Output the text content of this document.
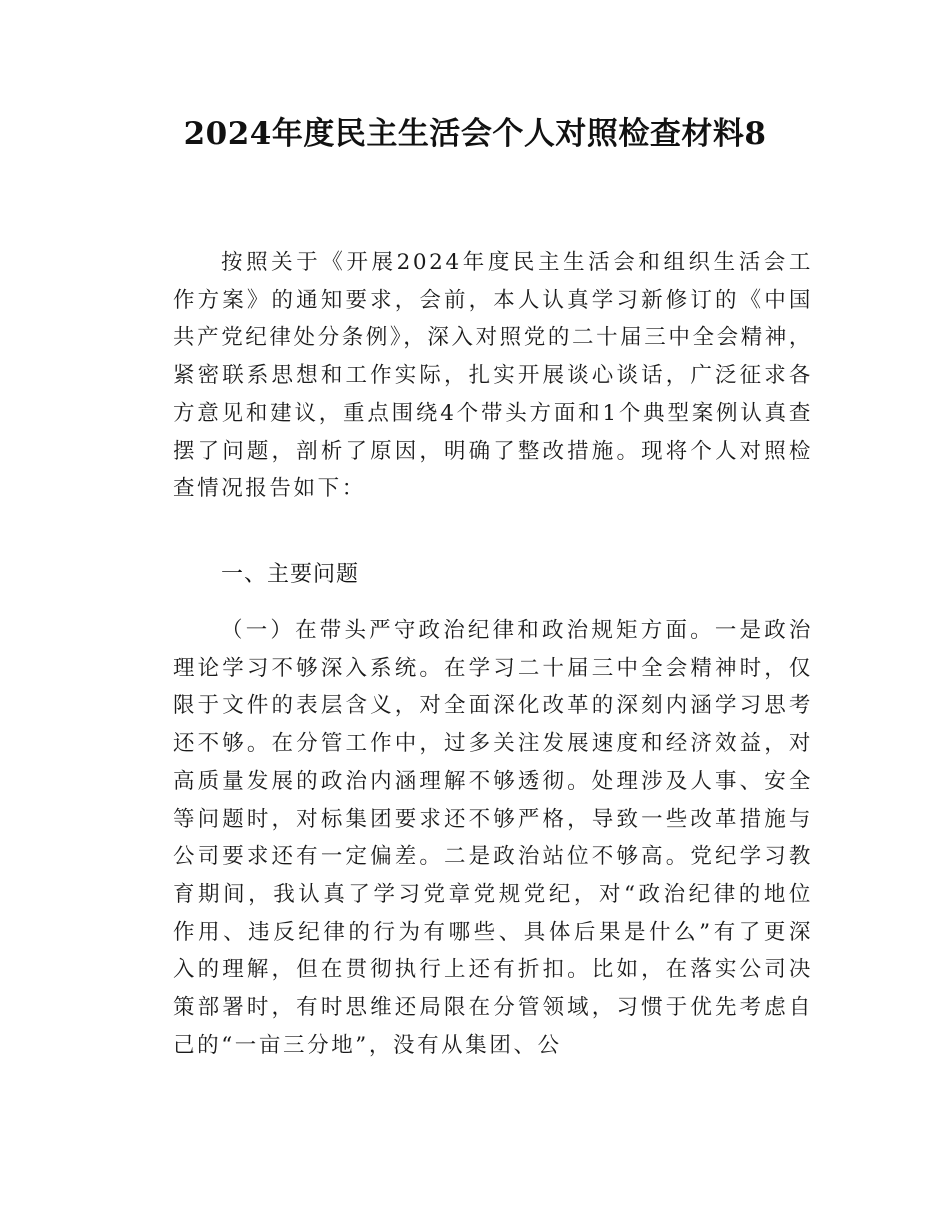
2024年度民主生活会个人对照检查材料8

按照关于《开展2024年度民主生活会和组织生活会工作方案》的通知要求，会前，本人认真学习新修订的《中国共产党纪律处分条例》，深入对照党的二十届三中全会精神，紧密联系思想和工作实际，扎实开展谈心谈话，广泛征求各方意见和建议，重点围绕4个带头方面和1个典型案例认真查摆了问题，剖析了原因，明确了整改措施。现将个人对照检查情况报告如下：

一、主要问题

（一）在带头严守政治纪律和政治规矩方面。一是政治理论学习不够深入系统。在学习二十届三中全会精神时，仅限于文件的表层含义，对全面深化改革的深刻内涵学习思考还不够。在分管工作中，过多关注发展速度和经济效益，对高质量发展的政治内涵理解不够透彻。处理涉及人事、安全等问题时，对标集团要求还不够严格，导致一些改革措施与公司要求还有一定偏差。二是政治站位不够高。党纪学习教育期间，我认真了学习党章党规党纪，对“政治纪律的地位作用、违反纪律的行为有哪些、具体后果是什么”有了更深入的理解，但在贯彻执行上还有折扣。比如，在落实公司决策部署时，有时思维还局限在分管领域，习惯于优先考虑自己的“一亩三分地”，没有从集团、公
